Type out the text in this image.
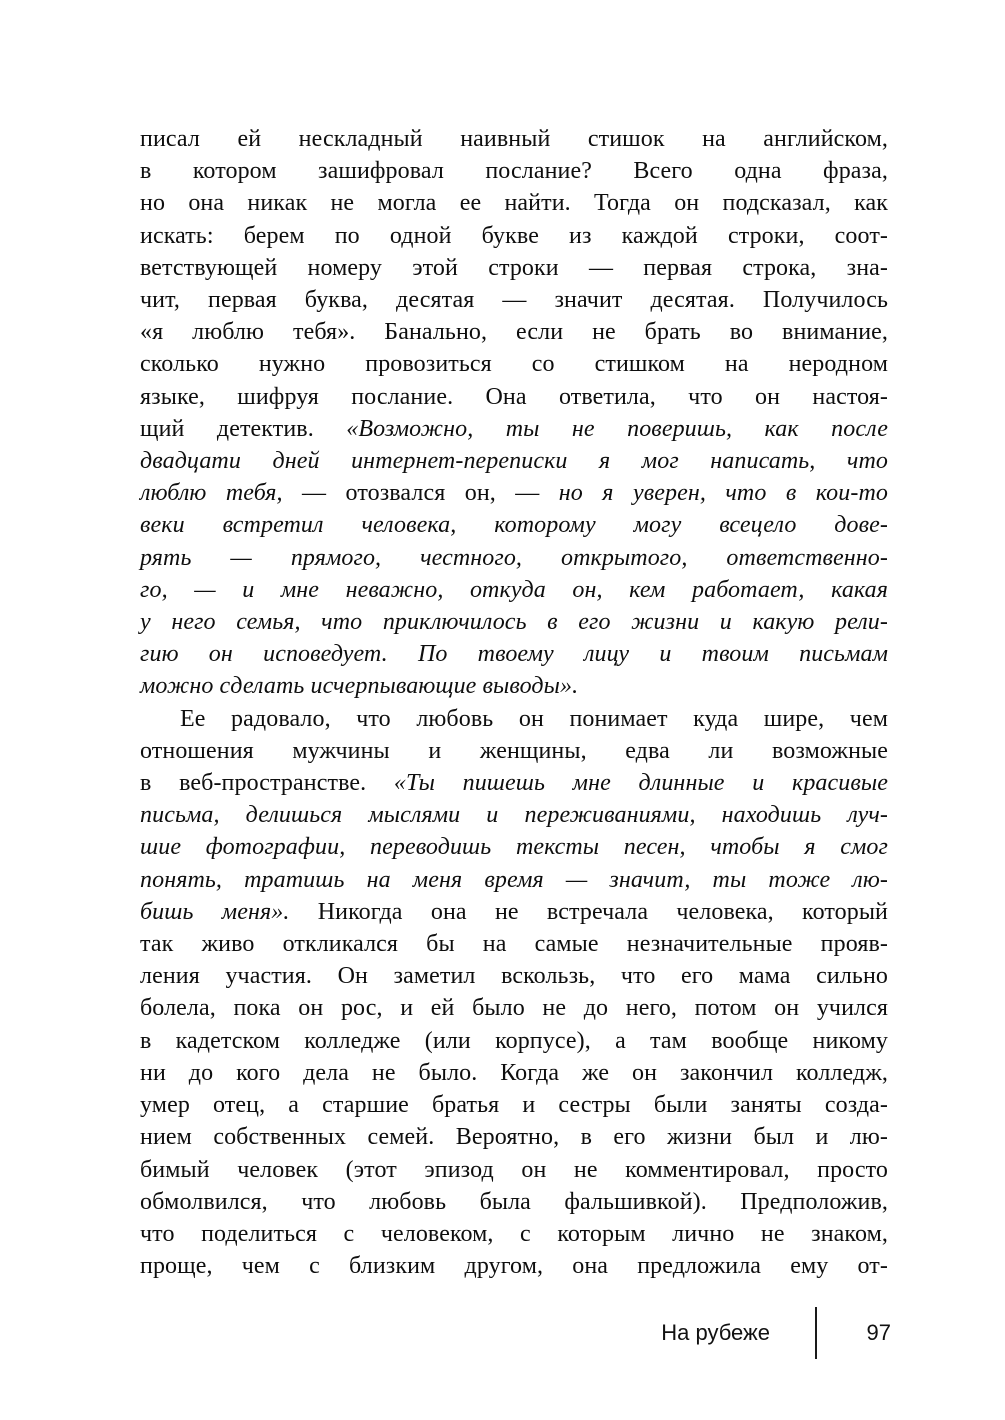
писал ей нескладный наивный стишок на английском,
в котором зашифровал послание? Всего одна фраза,
но она никак не могла ее найти. Тогда он подсказал, как
искать: берем по одной букве из каждой строки, соот-
ветствующей номеру этой строки — первая строка, зна-
чит, первая буква, десятая — значит десятая. Получилось
«я люблю тебя». Банально, если не брать во внимание,
сколько нужно провозиться со стишком на неродном
языке, шифруя послание. Она ответила, что он настоя-
щий детектив. «Возможно, ты не поверишь, как после
двадцати дней интернет-переписки я мог написать, что
люблю тебя, — отозвался он, — но я уверен, что в кои-то
веки встретил человека, которому могу всецело дове-
рять — прямого, честного, открытого, ответственно-
го, — и мне неважно, откуда он, кем работает, какая
у него семья, что приключилось в его жизни и какую рели-
гию он исповедует. По твоему лицу и твоим письмам
можно сделать исчерпывающие выводы».
Ее радовало, что любовь он понимает куда шире, чем
отношения мужчины и женщины, едва ли возможные
в веб-пространстве. «Ты пишешь мне длинные и красивые
письма, делишься мыслями и переживаниями, находишь луч-
шие фотографии, переводишь тексты песен, чтобы я смог
понять, тратишь на меня время — значит, ты тоже лю-
бишь меня». Никогда она не встречала человека, который
так живо откликался бы на самые незначительные прояв-
ления участия. Он заметил вскользь, что его мама сильно
болела, пока он рос, и ей было не до него, потом он учился
в кадетском колледже (или корпусе), а там вообще никому
ни до кого дела не было. Когда же он закончил колледж,
умер отец, а старшие братья и сестры были заняты созда-
нием собственных семей. Вероятно, в его жизни был и лю-
бимый человек (этот эпизод он не комментировал, просто
обмолвился, что любовь была фальшивкой). Предположив,
что поделиться с человеком, с которым лично не знаком,
проще, чем с близким другом, она предложила ему от-
На рубеже	97
